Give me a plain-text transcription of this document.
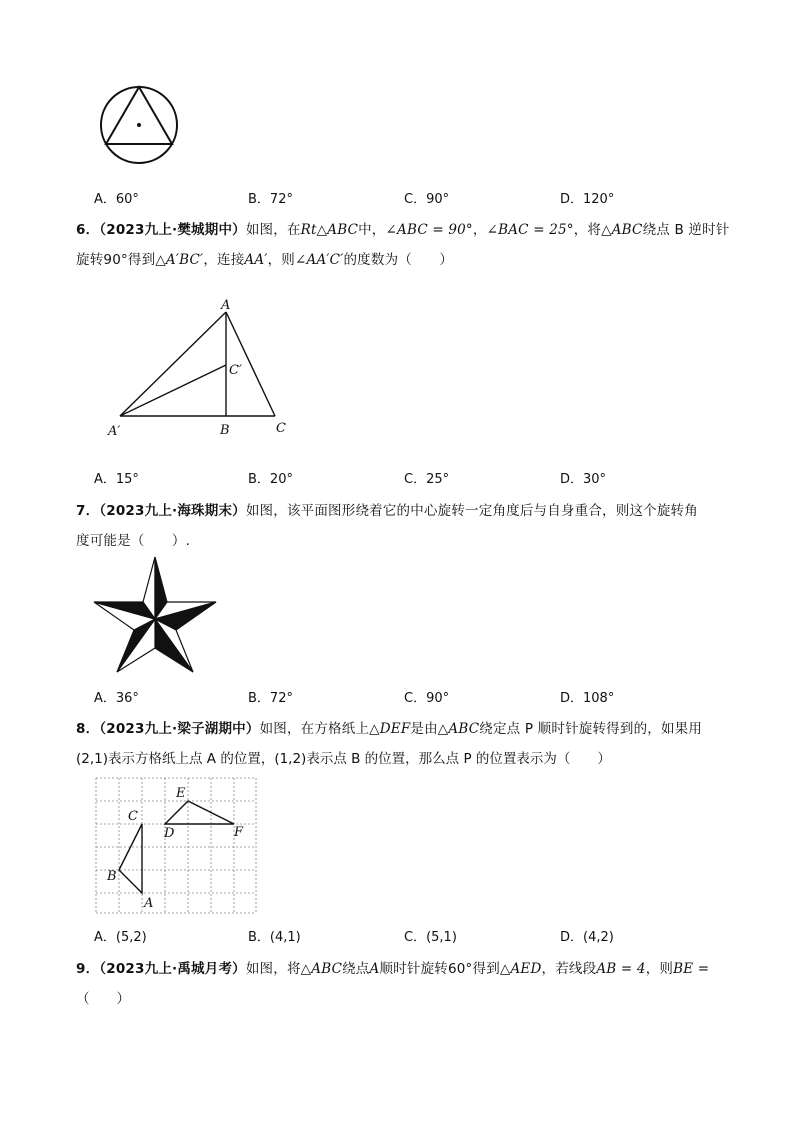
A．60°	B．72°	C．90°	D．120°
6．（2023九上·樊城期中）如图，在Rt△ABC中，∠ABC = 90°，∠BAC = 25°，将△ABC绕点 B 逆时针
旋转90°得到△A′BC′，连接AA′，则∠AA′C′的度数为（　　）
A
C′
A′	B	C
A．15°	B．20°	C．25°	D．30°
7．（2023九上·海珠期末）如图，该平面图形绕着它的中心旋转一定角度后与自身重合，则这个旋转角
度可能是（　　）.
A．36°	B．72°	C．90°	D．108°
8．（2023九上·梁子湖期中）如图，在方格纸上△DEF是由△ABC绕定点 P 顺时针旋转得到的，如果用
(2,1)表示方格纸上点 A 的位置，(1,2)表示点 B 的位置，那么点 P 的位置表示为（　　）
E
C
D	F
B
A
A．(5,2)	B．(4,1)	C．(5,1)	D．(4,2)
9．（2023九上·禹城月考）如图，将△ABC绕点A顺时针旋转60°得到△AED，若线段AB = 4，则BE =
（　　）
